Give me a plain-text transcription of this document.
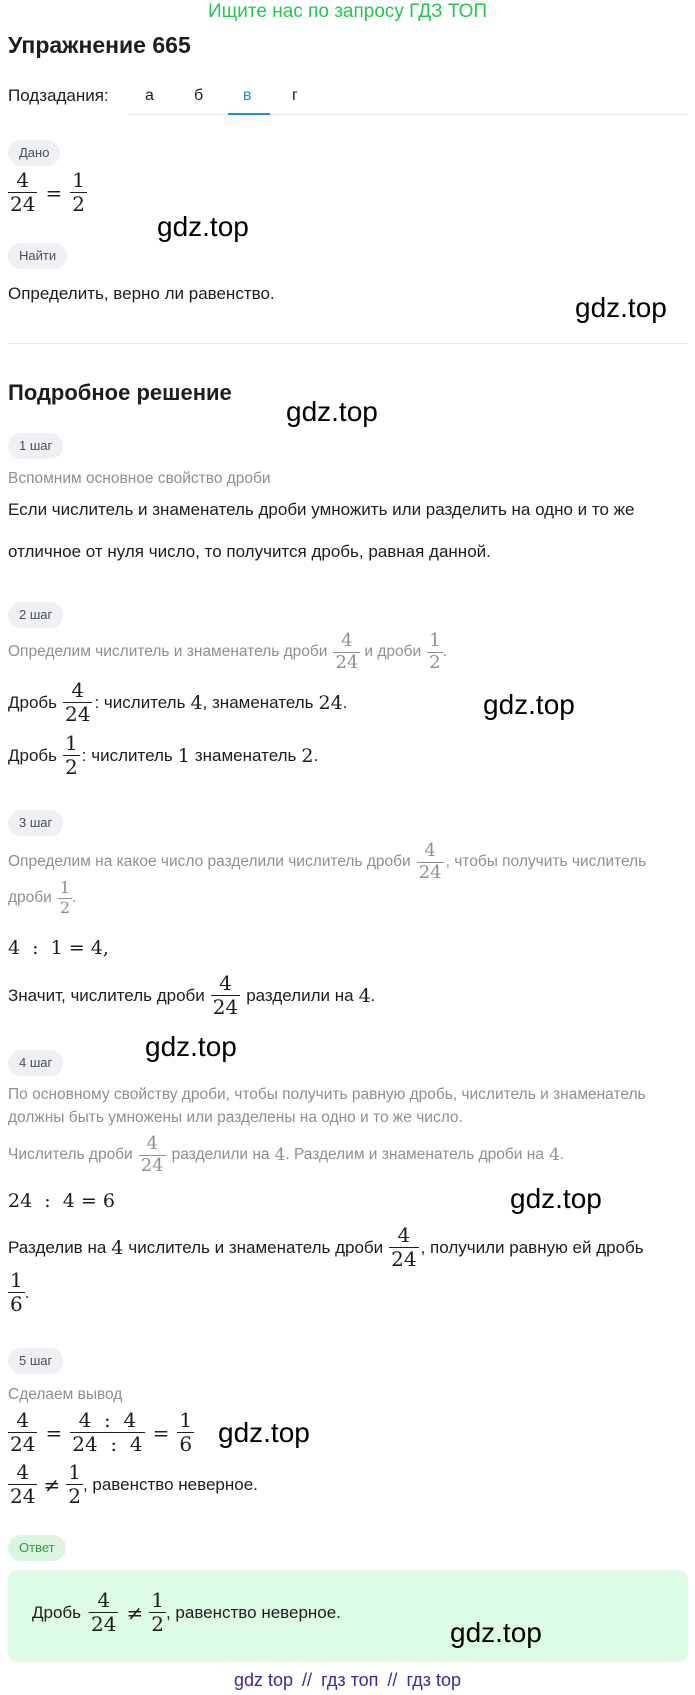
Ищите нас по запросу ГДЗ ТОП
Упражнение 665
Подзадания: а	б в	г
Дано
$\frac{4}{24} = \frac{1}{2}$
gdz.top
Найти
Определить, верно ли равенство.	gdz.top
Подробное решение
gdz.top
1 шаг
Вспомним основное свойство дроби
Если числитель и знаменатель дроби умножить или разделить на одно и то же
отличное от нуля число, то получится дробь, равная данной.
2 шаг
Определим числитель и знаменатель дроби $\frac{4}{24}$ и дроби $\frac{1}{2}$ .
Дробь $\frac{4}{24}$ : числитель 4 , знаменатель 24 .	gdz.top
Дробь $\frac{1}{2}$ : числитель 1 знаменатель 2 .
3 шаг
Определим на какое число разделили числитель дроби $\frac{4}{24}$ , чтобы получить числитель
дроби $\frac{1}{2}$ .
4  :  1 = 4,
Значит, числитель дроби $\frac{4}{24}$ разделили на 4 .
4 шаг
gdz.top
По основному свойству дроби, чтобы получить равную дробь, числитель и знаменатель
должны быть умножены или разделены на одно и то же число.
Числитель дроби $\frac{4}{24}$ разделили на 4 . Разделим и знаменатель дроби на 4 .
24  :  4 = 6	gdz.top
Разделив на 4 числитель и знаменатель дроби $\frac{4}{24}$ , получили равную ей дробь
$\frac{1}{6}$ .
5 шаг
Сделаем вывод
$\frac{4}{24} = \frac{4 : 4}{24 : 4} = \frac{1}{6} gdz.top$
$\frac{4}{24} \ne \frac{1}{2}$ , равенство неверное.
Ответ
Дробь $\frac{4}{24} \ne \frac{1}{2}$ , равенство неверное.
gdz.top
gdz top // гдз топ // гдз top
